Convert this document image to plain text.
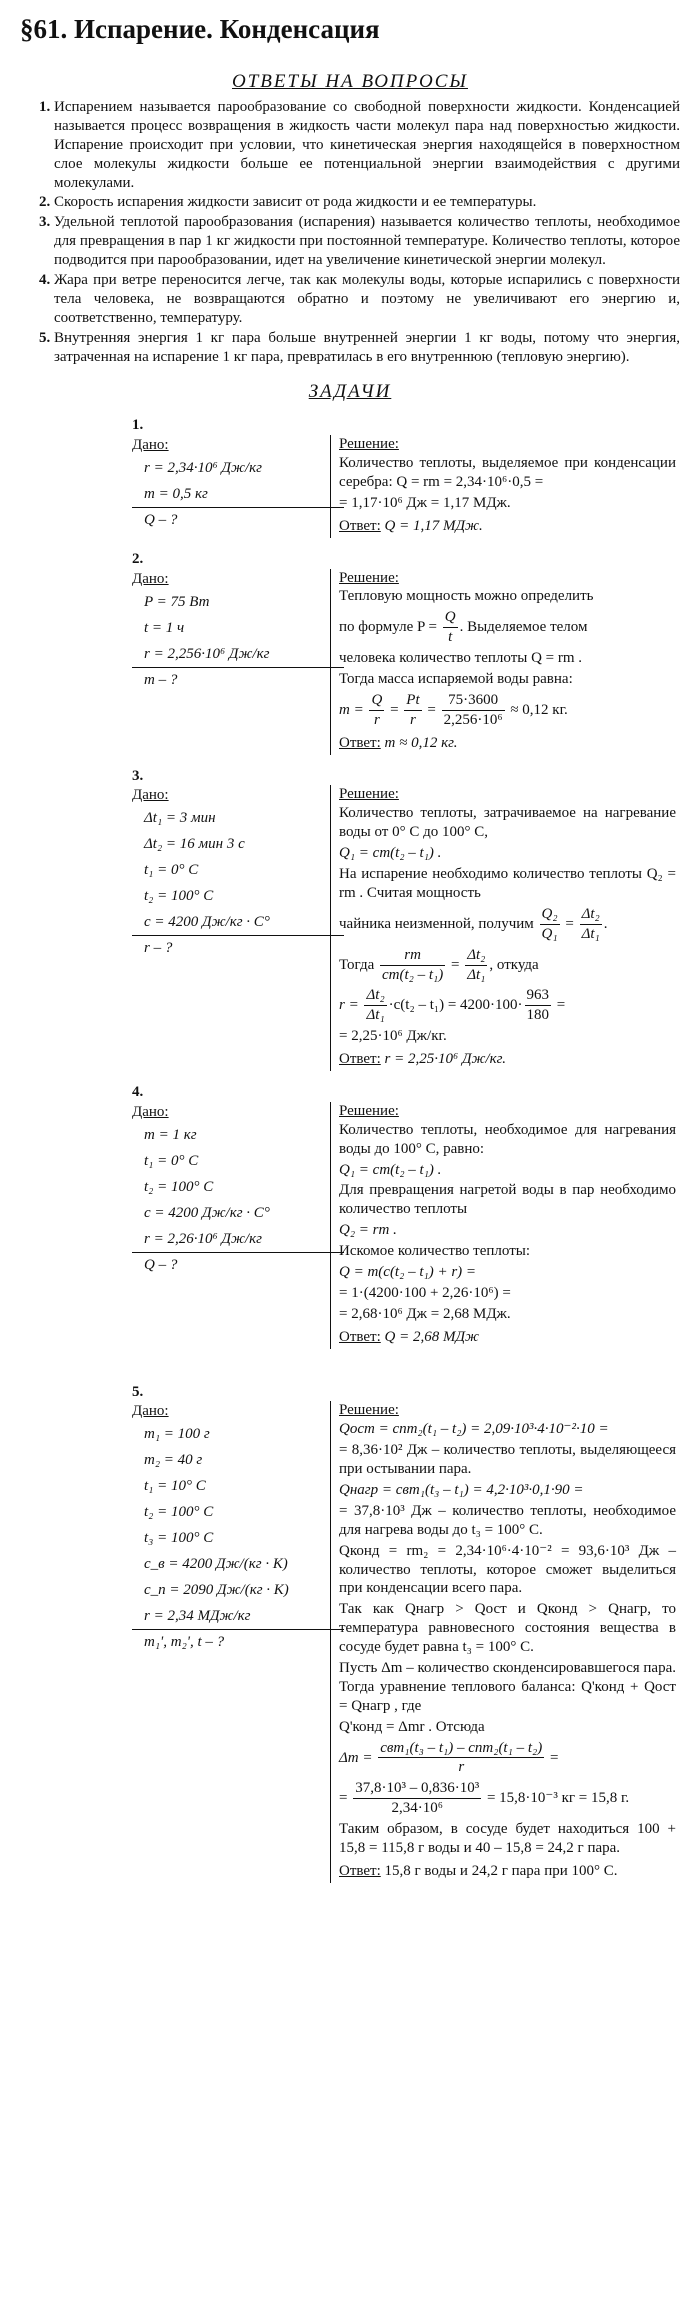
§61. Испарение. Конденсация
ОТВЕТЫ НА ВОПРОСЫ
1. Испарением называется парообразование со свободной поверхности жидкости. Конденсацией называется процесс возвращения в жидкость части молекул пара над поверхностью жидкости. Испарение происходит при условии, что кинетическая энергия находящейся в поверхностном слое молекулы жидкости больше ее потенциальной энергии взаимодействия с другими молекулами.
2. Скорость испарения жидкости зависит от рода жидкости и ее температуры.
3. Удельной теплотой парообразования (испарения) называется количество теплоты, необходимое для превращения в пар 1 кг жидкости при постоянной температуре. Количество теплоты, которое подводится при парообразовании, идет на увеличение кинетической энергии молекул.
4. Жара при ветре переносится легче, так как молекулы воды, которые испарились с поверхности тела человека, не возвращаются обратно и поэтому не увеличивают его энергию и, соответственно, температуру.
5. Внутренняя энергия 1 кг пара больше внутренней энергии 1 кг воды, потому что энергия, затраченная на испарение 1 кг пара, превратилась в его внутреннюю (тепловую энергию).
ЗАДАЧИ
1.
Дано:
r = 2,34·10⁶ Дж/кг
m = 0,5 кг
Q – ?

Решение:

Количество теплоты, выделяемое при конденсации серебра: Q = rm = 2,34·10⁶·0,5 =

= 1,17·10⁶ Дж = 1,17 МДж.

Ответ: Q = 1,17 МДж.

2.
Дано:
P = 75 Вт
t = 1 ч
r = 2,256·10⁶ Дж/кг
m – ?

Решение:

Тепловую мощность можно определить

по формуле $P = \frac{Q}{t}$ . Выделяемое телом

человека количество теплоты Q = rm .

Тогда масса испаряемой воды равна:

$m = \frac{Q}{r} = \frac{Pt}{r} = \frac{75\cdot 3600}{\text{2,256·10⁶}} \approx 0,12$ кг.

Ответ: m ≈ 0,12 кг.

3.
Дано:
Δt₁ = 3 мин
Δt₂ = 16 мин 3 с
t₁ = 0° C
t₂ = 100° C
c = 4200 Дж/кг · С°
r – ?

Решение:

Количество теплоты, затрачиваемое на нагревание воды от 0° С до 100° С,

Q₁ = cm(t₂ – t₁) .

На испарение необходимо количество теплоты Q₂ = rm . Считая мощность

чайника неизменной, получим $\frac{\text{Q₂}}{\text{Q₁}} = \frac{\text{Δt₂}}{\text{Δt₁}}$ .

Тогда $\frac{rm}{\text{cm(t₂ – t₁)}} = \frac{\text{Δt₂}}{\text{Δt₁}}$ , откуда

$r = \frac{\text{Δt₂}}{\text{Δt₁}} \cdot c(t_2 - t_1) = 4200\cdot 100\cdot \frac{963}{180}$ =

= 2,25·10⁶ Дж/кг.

Ответ: r = 2,25·10⁶ Дж/кг.

4.
Дано:
m = 1 кг
t₁ = 0° C
t₂ = 100° C
c = 4200 Дж/кг · С°
r = 2,26·10⁶ Дж/кг
Q – ?

Решение:

Количество теплоты, необходимое для нагревания воды до 100° С, равно:

Q₁ = cm(t₂ – t₁) .

Для превращения нагретой воды в пар необходимо количество теплоты

Q₂ = rm .

Искомое количество теплоты:

Q = m(c(t₂ – t₁) + r) =

= 1·(4200·100 + 2,26·10⁶) =

= 2,68·10⁶ Дж = 2,68 МДж.

Ответ: Q = 2,68 МДж

5.
Дано:
m₁ = 100 г
m₂ = 40 г
t₁ = 10° C
t₂ = 100° C
t₃ = 100° C
c_в = 4200 Дж/(кг · К)
c_п = 2090 Дж/(кг · К)
r = 2,34 МДж/кг
m₁', m₂', t – ?

Решение:

Qост = cпm₂(t₁ – t₂) = 2,09·10³·4·10⁻²·10 =

= 8,36·10² Дж – количество теплоты, выделяющееся при остывании пара.

Qнагр = cвm₁(t₃ – t₁) = 4,2·10³·0,1·90 =

= 37,8·10³ Дж – количество теплоты, необходимое для нагрева воды до t₃ = 100° С.

Qконд = rm₂ = 2,34·10⁶·4·10⁻² = 93,6·10³ Дж – количество теплоты, которое сможет выделиться при конденсации всего пара.

Так как Qнагр > Qост и Qконд > Qнагр, то температура равновесного состояния вещества в сосуде будет равна t₃ = 100° С.

Пусть Δm – количество сконденсировавшегося пара. Тогда уравнение теплового баланса: Q'конд + Qост = Qнагр , где

Q'конд = Δmr . Отсюда

$\Delta m = \frac{\text{cвm₁(t₃ – t₁) – cпm₂(t₁ – t₂)}}{r}$ =

= $\frac{\text{37,8·10³ – 0,836·10³}}{\text{2,34·10⁶}} = 15,8\cdot 10^{-3}$ кг = 15,8 г.

Таким образом, в сосуде будет находиться 100 + 15,8 = 115,8 г воды и 40 – 15,8 = 24,2 г пара.

Ответ: 15,8 г воды и 24,2 г пара при 100° С.
